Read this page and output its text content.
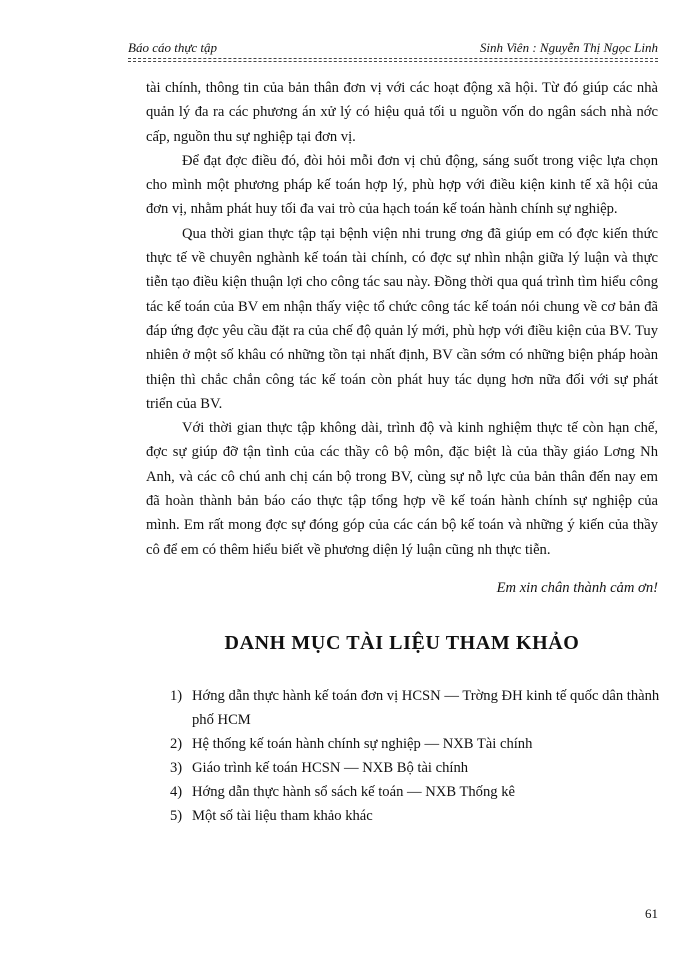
Báo cáo thực tập	Sinh Viên : Nguyễn Thị Ngọc Linh

tài chính, thông tin của bản thân đơn vị với các hoạt động xã hội. Từ đó giúp các nhà quản lý đa ra các phương án xử lý có hiệu quả tối u nguồn vốn do ngân sách nhà nớc cấp, nguồn thu sự nghiệp tại đơn vị.

Để đạt đợc điều đó, đòi hỏi mỗi đơn vị chủ động, sáng suốt trong việc lựa chọn cho mình một phương pháp kế toán hợp lý, phù hợp với điều kiện kinh tế xã hội của đơn vị, nhằm phát huy tối đa vai trò của hạch toán kế toán hành chính sự nghiệp.

Qua thời gian thực tập tại bệnh viện nhi trung ơng đã giúp em có đợc kiến thức thực tế về chuyên nghành kế toán tài chính, có đợc sự nhìn nhận giữa lý luận và thực tiễn tạo điều kiện thuận lợi cho công tác sau này. Đồng thời qua quá trình tìm hiểu công tác kế toán của BV em nhận thấy việc tổ chức công tác kế toán nói chung về cơ bản đã đáp ứng đợc yêu cầu đặt ra của chế độ quản lý mới, phù hợp với điều kiện của BV. Tuy nhiên ở một số khâu có những tồn tại nhất định, BV cần sớm có những biện pháp hoàn thiện thì chắc chắn công tác kế toán còn phát huy tác dụng hơn nữa đối với sự phát triển của BV.

Với thời gian thực tập không dài, trình độ và kinh nghiệm thực tế còn hạn chế, đợc sự giúp đỡ tận tình của các thầy cô bộ môn, đặc biệt là của thầy giáo Lơng Nh Anh, và các cô chú anh chị cán bộ trong BV, cùng sự nỗ lực của bản thân đến nay em đã hoàn thành bản báo cáo thực tập tổng hợp về kế toán hành chính sự nghiệp của mình. Em rất mong đợc sự đóng góp của các cán bộ kế toán và những ý kiến của thầy cô để em có thêm hiểu biết về phương diện lý luận cũng nh thực tiễn.

Em xin chân thành cảm ơn!
DANH MỤC TÀI LIỆU THAM KHẢO
1) Hớng dẫn thực hành kế toán đơn vị HCSN — Trờng ĐH kinh tế quốc dân thành phố HCM
2) Hệ thống kế toán hành chính sự nghiệp — NXB Tài chính
3) Giáo trình kế toán HCSN — NXB Bộ tài chính
4) Hớng dẫn thực hành sổ sách kế toán — NXB Thống kê
5) Một số tài liệu tham khảo khác
61
